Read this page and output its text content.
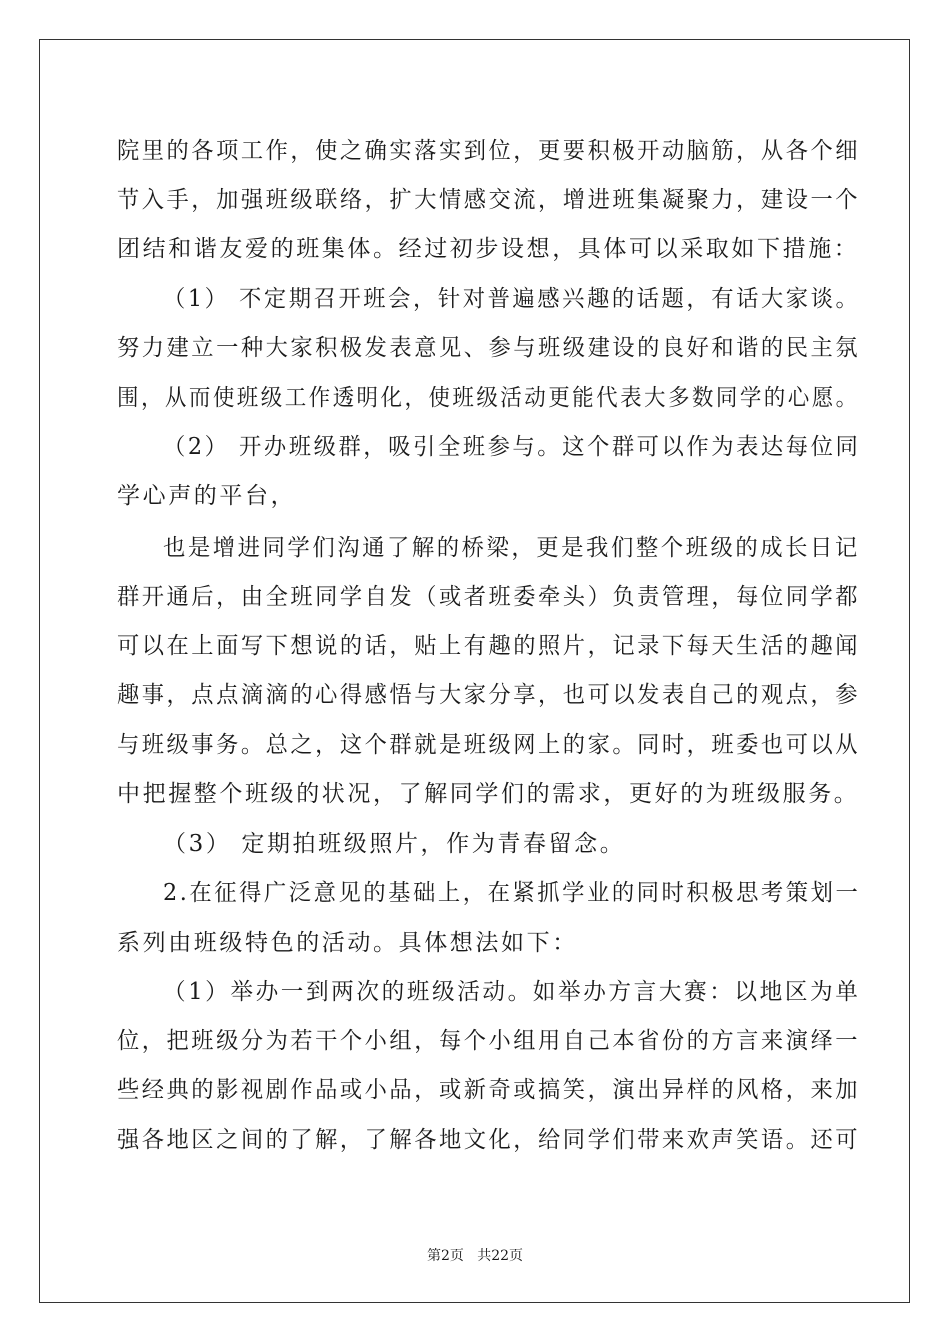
院里的各项工作，使之确实落实到位，更要积极开动脑筋，从各个细
节入手，加强班级联络，扩大情感交流，增进班集凝聚力，建设一个
团结和谐友爱的班集体。经过初步设想，具体可以采取如下措施：
（1） 不定期召开班会，针对普遍感兴趣的话题，有话大家谈。
努力建立一种大家积极发表意见、参与班级建设的良好和谐的民主氛
围，从而使班级工作透明化，使班级活动更能代表大多数同学的心愿。
（2） 开办班级群，吸引全班参与。这个群可以作为表达每位同
学心声的平台，
也是增进同学们沟通了解的桥梁，更是我们整个班级的成长日记
群开通后，由全班同学自发（或者班委牵头）负责管理，每位同学都
可以在上面写下想说的话，贴上有趣的照片，记录下每天生活的趣闻
趣事，点点滴滴的心得感悟与大家分享，也可以发表自己的观点，参
与班级事务。总之，这个群就是班级网上的家。同时，班委也可以从
中把握整个班级的状况，了解同学们的需求，更好的为班级服务。
（3） 定期拍班级照片，作为青春留念。
2.在征得广泛意见的基础上，在紧抓学业的同时积极思考策划一
系列由班级特色的活动。具体想法如下：
（1）举办一到两次的班级活动。如举办方言大赛：以地区为单
位，把班级分为若干个小组，每个小组用自己本省份的方言来演绎一
些经典的影视剧作品或小品，或新奇或搞笑，演出异样的风格，来加
强各地区之间的了解，了解各地文化，给同学们带来欢声笑语。还可
第2页   共22页
